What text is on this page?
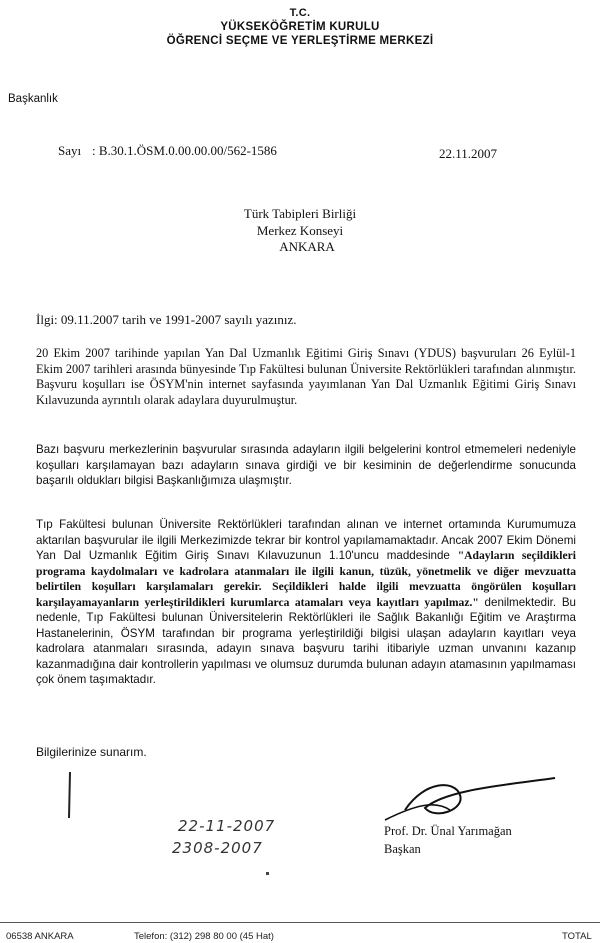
T.C.
YÜKSEKÖĞRETİM KURULU
ÖĞRENCİ SEÇME VE YERLEŞTİRME MERKEZİ
Başkanlık
Sayı : B.30.1.ÖSM.0.00.00.00/562-1586	22.11.2007
Türk Tabipleri Birliği
Merkez Konseyi
ANKARA
İlgi: 09.11.2007 tarih ve 1991-2007 sayılı yazınız.

20 Ekim 2007 tarihinde yapılan Yan Dal Uzmanlık Eğitimi Giriş Sınavı (YDUS) başvuruları 26 Eylül-1 Ekim 2007 tarihleri arasında bünyesinde Tıp Fakültesi bulunan Üniversite Rektörlükleri tarafından alınmıştır. Başvuru koşulları ise ÖSYM'nin internet sayfasında yayımlanan Yan Dal Uzmanlık Eğitimi Giriş Sınavı Kılavuzunda ayrıntılı olarak adaylara duyurulmuştur.

Bazı başvuru merkezlerinin başvurular sırasında adayların ilgili belgelerini kontrol etmemeleri nedeniyle koşulları karşılamayan bazı adayların sınava girdiği ve bir kesiminin de değerlendirme sonucunda başarılı oldukları bilgisi Başkanlığımıza ulaşmıştır.

Tıp Fakültesi bulunan Üniversite Rektörlükleri tarafından alınan ve internet ortamında Kurumumuza aktarılan başvurular ile ilgili Merkezimizde tekrar bir kontrol yapılamamaktadır. Ancak 2007 Ekim Dönemi Yan Dal Uzmanlık Eğitim Giriş Sınavı Kılavuzunun 1.10'uncu maddesinde "Adayların seçildikleri programa kaydolmaları ve kadrolara atanmaları ile ilgili kanun, tüzük, yönetmelik ve diğer mevzuatta belirtilen koşulları karşılamaları gerekir. Seçildikleri halde ilgili mevzuatta öngörülen koşulları karşılayamayanların yerleştirildikleri kurumlarca atamaları veya kayıtları yapılmaz." denilmektedir. Bu nedenle, Tıp Fakültesi bulunan Üniversitelerin Rektörlükleri ile Sağlık Bakanlığı Eğitim ve Araştırma Hastanelerinin, ÖSYM tarafından bir programa yerleştirildiği bilgisi ulaşan adayların kayıtları veya kadrolara atanmaları sırasında, adayın sınava başvuru tarihi itibariyle uzman unvanını kazanıp kazanmadığına dair kontrollerin yapılması ve olumsuz durumda bulunan adayın atamasının yapılmaması çok önem taşımaktadır.

Bilgilerinize sunarım.
22-11-2007
2308-2007
Prof. Dr. Ünal Yarımağan
Başkan
06538 ANKARA	Telefon: (312) 298 80 00 (45 Hat)	TOTAL
